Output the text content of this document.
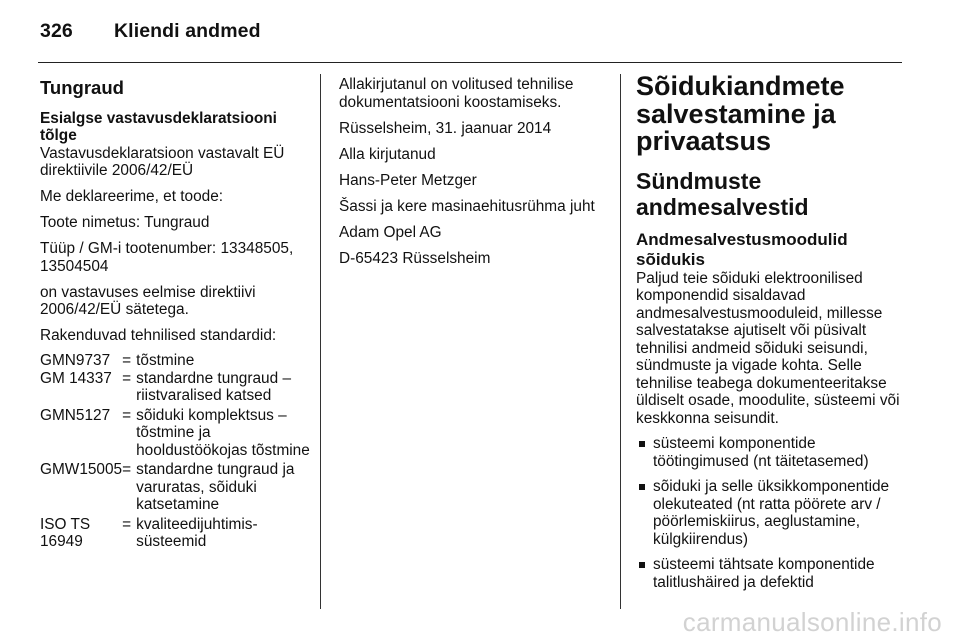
326 Kliendi andmed
Tungraud
Esialgse vastavusdeklaratsiooni tõlge

Vastavusdeklaratsioon vastavalt EÜ direktiivile 2006/42/EÜ

Me deklareerime, et toode:

Toote nimetus: Tungraud

Tüüp / GM-i tootenumber: 13348505, 13504504

on vastavuses eelmise direktiivi 2006/42/EÜ sätetega.

Rakenduvad tehnilised standardid:

GMN9737	=	tõstmine
GM 14337	=	standardne tungraud – riistvaralised katsed
GMN5127	=	sõiduki komplektsus – tõstmine ja hooldustöökojas tõstmine
GMW15005	=	standardne tungraud ja varuratas, sõiduki katsetamine
ISO TS 16949	=	kvaliteedijuhtimis-süsteemid

Allakirjutanul on volitused tehnilise dokumentatsiooni koostamiseks.

Rüsselsheim, 31. jaanuar 2014

Alla kirjutanud

Hans-Peter Metzger

Šassi ja kere masinaehitusrühma juht

Adam Opel AG

D-65423 Rüsselsheim

Sõidukiandmete salvestamine ja privaatsus
Sündmuste andmesalvestid
Andmesalvestusmoodulid sõidukis
Paljud teie sõiduki elektroonilised komponendid sisaldavad andmesalvestusmooduleid, millesse salvestatakse ajutiselt või püsivalt tehnilisi andmeid sõiduki seisundi, sündmuste ja vigade kohta. Selle tehnilise teabega dokumenteeritakse üldiselt osade, moodulite, süsteemi või keskkonna seisundit.
süsteemi komponentide töötingimused (nt täitetasemed)
sõiduki ja selle üksikkomponentide olekuteated (nt ratta pöörete arv / pöörlemiskiirus, aeglustamine, külgkiirendus)
süsteemi tähtsate komponentide talitlushäired ja defektid
carmanualsonline.info
